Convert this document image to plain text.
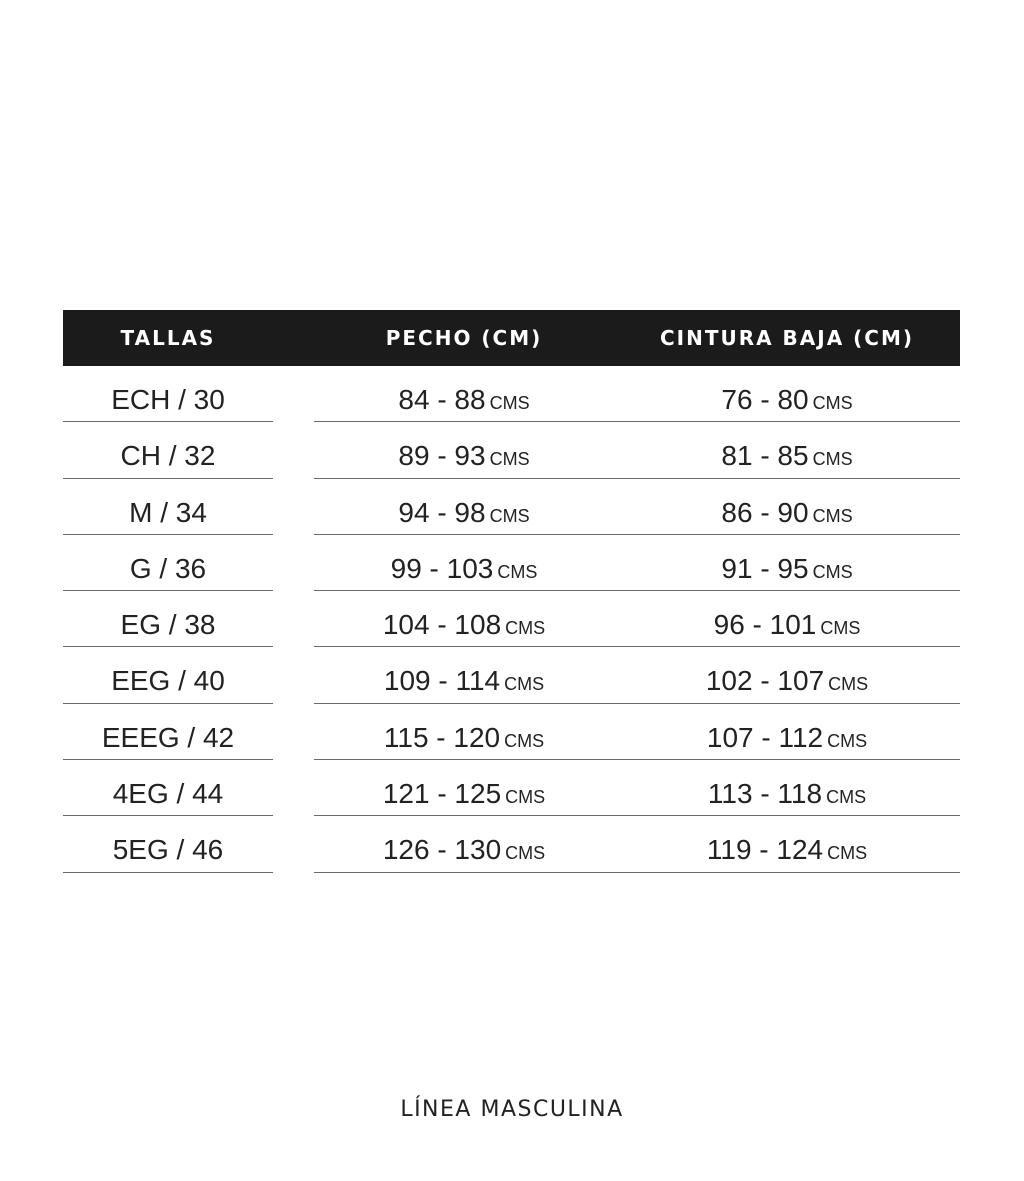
TALLAS	PECHO (CM)	CINTURA BAJA (CM)
ECH / 30	84 - 88 CMS	76 - 80 CMS
CH / 32	89 - 93 CMS	81 - 85 CMS
M / 34	94 - 98 CMS	86 - 90 CMS
G / 36	99 - 103 CMS	91 - 95 CMS
EG / 38	104 - 108 CMS	96 - 101 CMS
EEG / 40	109 - 114 CMS	102 - 107 CMS
EEEG / 42	115 - 120 CMS	107 - 112 CMS
4EG / 44	121 - 125 CMS	113 - 118 CMS
5EG / 46	126 - 130 CMS	119 - 124 CMS
LÍNEA MASCULINA
